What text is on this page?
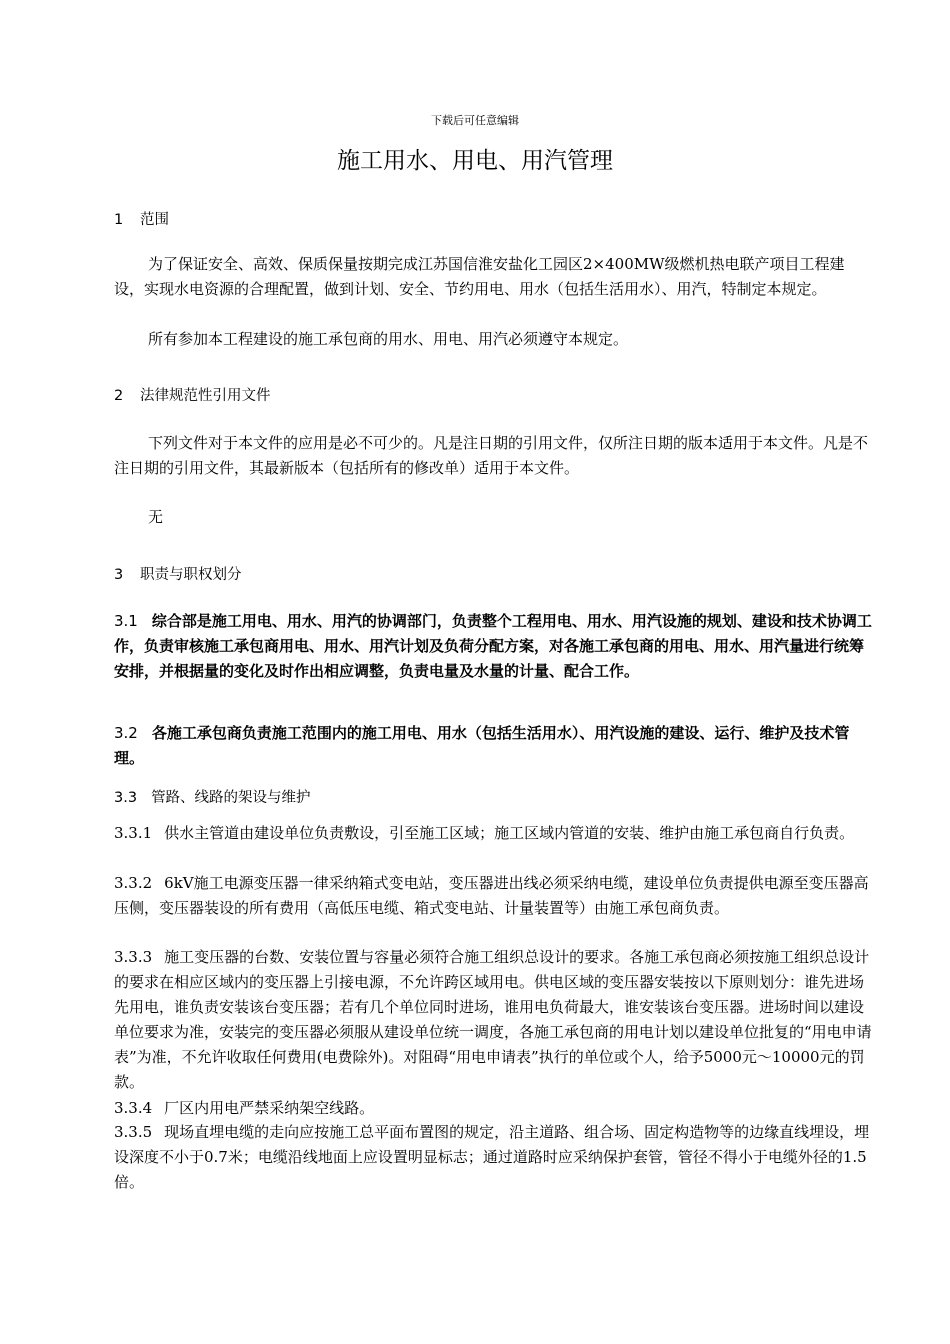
下载后可任意编辑
施工用水、用电、用汽管理
1 范围

为了保证安全、高效、保质保量按期完成江苏国信淮安盐化工园区2×400MW级燃机热电联产项目工程建设，实现水电资源的合理配置，做到计划、安全、节约用电、用水（包括生活用水）、用汽，特制定本规定。

所有参加本工程建设的施工承包商的用水、用电、用汽必须遵守本规定。

2 法律规范性引用文件

下列文件对于本文件的应用是必不可少的。凡是注日期的引用文件，仅所注日期的版本适用于本文件。凡是不注日期的引用文件，其最新版本（包括所有的修改单）适用于本文件。

无

3 职责与职权划分

3.1 综合部是施工用电、用水、用汽的协调部门，负责整个工程用电、用水、用汽设施的规划、建设和技术协调工作，负责审核施工承包商用电、用水、用汽计划及负荷分配方案，对各施工承包商的用电、用水、用汽量进行统筹安排，并根据量的变化及时作出相应调整，负责电量及水量的计量、配合工作。

3.2 各施工承包商负责施工范围内的施工用电、用水（包括生活用水）、用汽设施的建设、运行、维护及技术管理。

3.3 管路、线路的架设与维护

3.3.1 供水主管道由建设单位负责敷设，引至施工区域；施工区域内管道的安装、维护由施工承包商自行负责。

3.3.2 6kV施工电源变压器一律采纳箱式变电站，变压器进出线必须采纳电缆，建设单位负责提供电源至变压器高压侧，变压器装设的所有费用（高低压电缆、箱式变电站、计量装置等）由施工承包商负责。

3.3.3 施工变压器的台数、安装位置与容量必须符合施工组织总设计的要求。各施工承包商必须按施工组织总设计的要求在相应区域内的变压器上引接电源，不允许跨区域用电。供电区域的变压器安装按以下原则划分：谁先进场先用电，谁负责安装该台变压器；若有几个单位同时进场，谁用电负荷最大，谁安装该台变压器。进场时间以建设单位要求为准，安装完的变压器必须服从建设单位统一调度，各施工承包商的用电计划以建设单位批复的“用电申请表”为准，不允许收取任何费用(电费除外)。对阻碍“用电申请表”执行的单位或个人，给予5000元～10000元的罚款。

3.3.4 厂区内用电严禁采纳架空线路。

3.3.5 现场直埋电缆的走向应按施工总平面布置图的规定，沿主道路、组合场、固定构造物等的边缘直线埋设，埋设深度不小于0.7米；电缆沿线地面上应设置明显标志；通过道路时应采纳保护套管，管径不得小于电缆外径的1.5倍。
